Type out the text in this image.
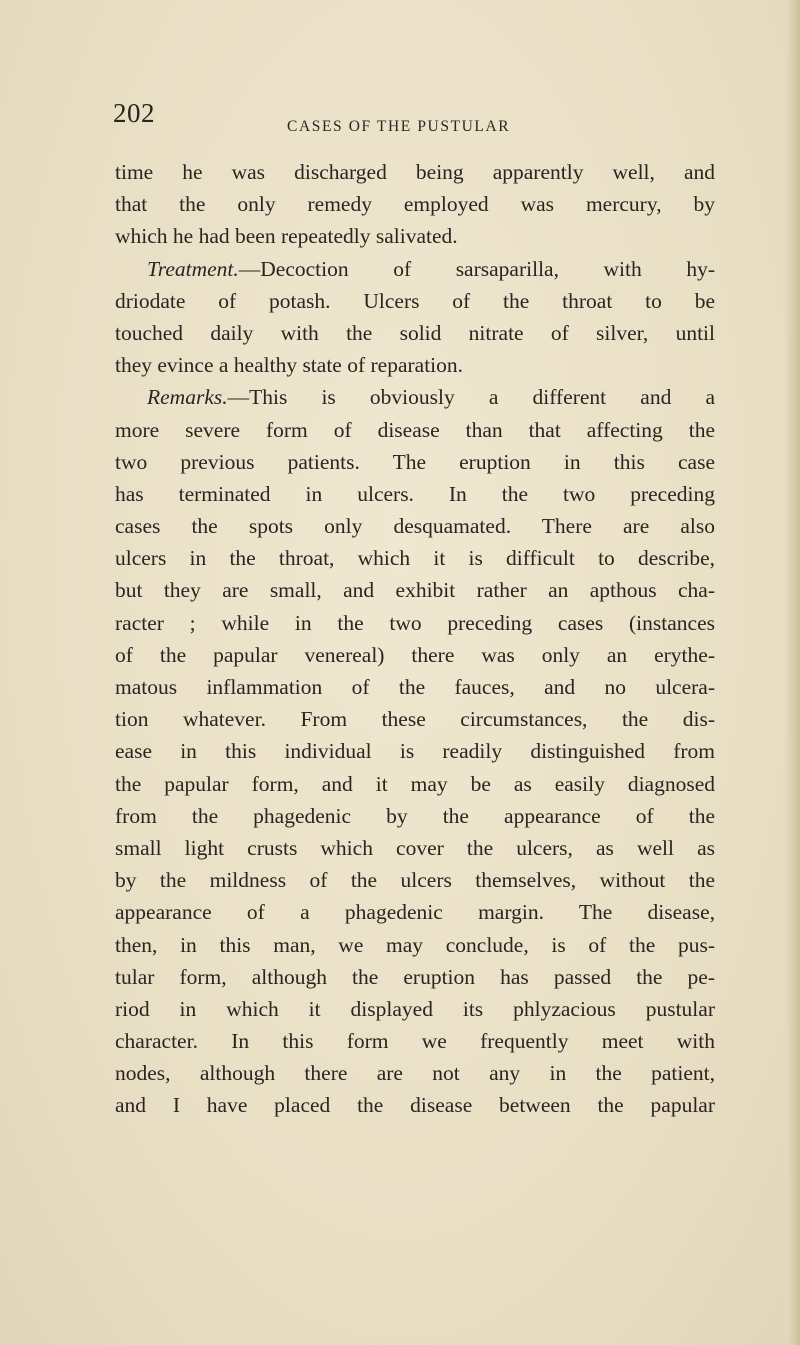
202	CASES OF THE PUSTULAR
time he was discharged being apparently well, and
that the only remedy employed was mercury, by
which he had been repeatedly salivated.
Treatment.—Decoction of sarsaparilla, with hy-
driodate of potash. Ulcers of the throat to be
touched daily with the solid nitrate of silver, until
they evince a healthy state of reparation.
Remarks.—This is obviously a different and a
more severe form of disease than that affecting the
two previous patients. The eruption in this case
has terminated in ulcers. In the two preceding
cases the spots only desquamated. There are also
ulcers in the throat, which it is difficult to describe,
but they are small, and exhibit rather an apthous cha-
racter ; while in the two preceding cases (instances
of the papular venereal) there was only an erythe-
matous inflammation of the fauces, and no ulcera-
tion whatever. From these circumstances, the dis-
ease in this individual is readily distinguished from
the papular form, and it may be as easily diagnosed
from the phagedenic by the appearance of the
small light crusts which cover the ulcers, as well as
by the mildness of the ulcers themselves, without the
appearance of a phagedenic margin. The disease,
then, in this man, we may conclude, is of the pus-
tular form, although the eruption has passed the pe-
riod in which it displayed its phlyzacious pustular
character. In this form we frequently meet with
nodes, although there are not any in the patient,
and I have placed the disease between the papular
